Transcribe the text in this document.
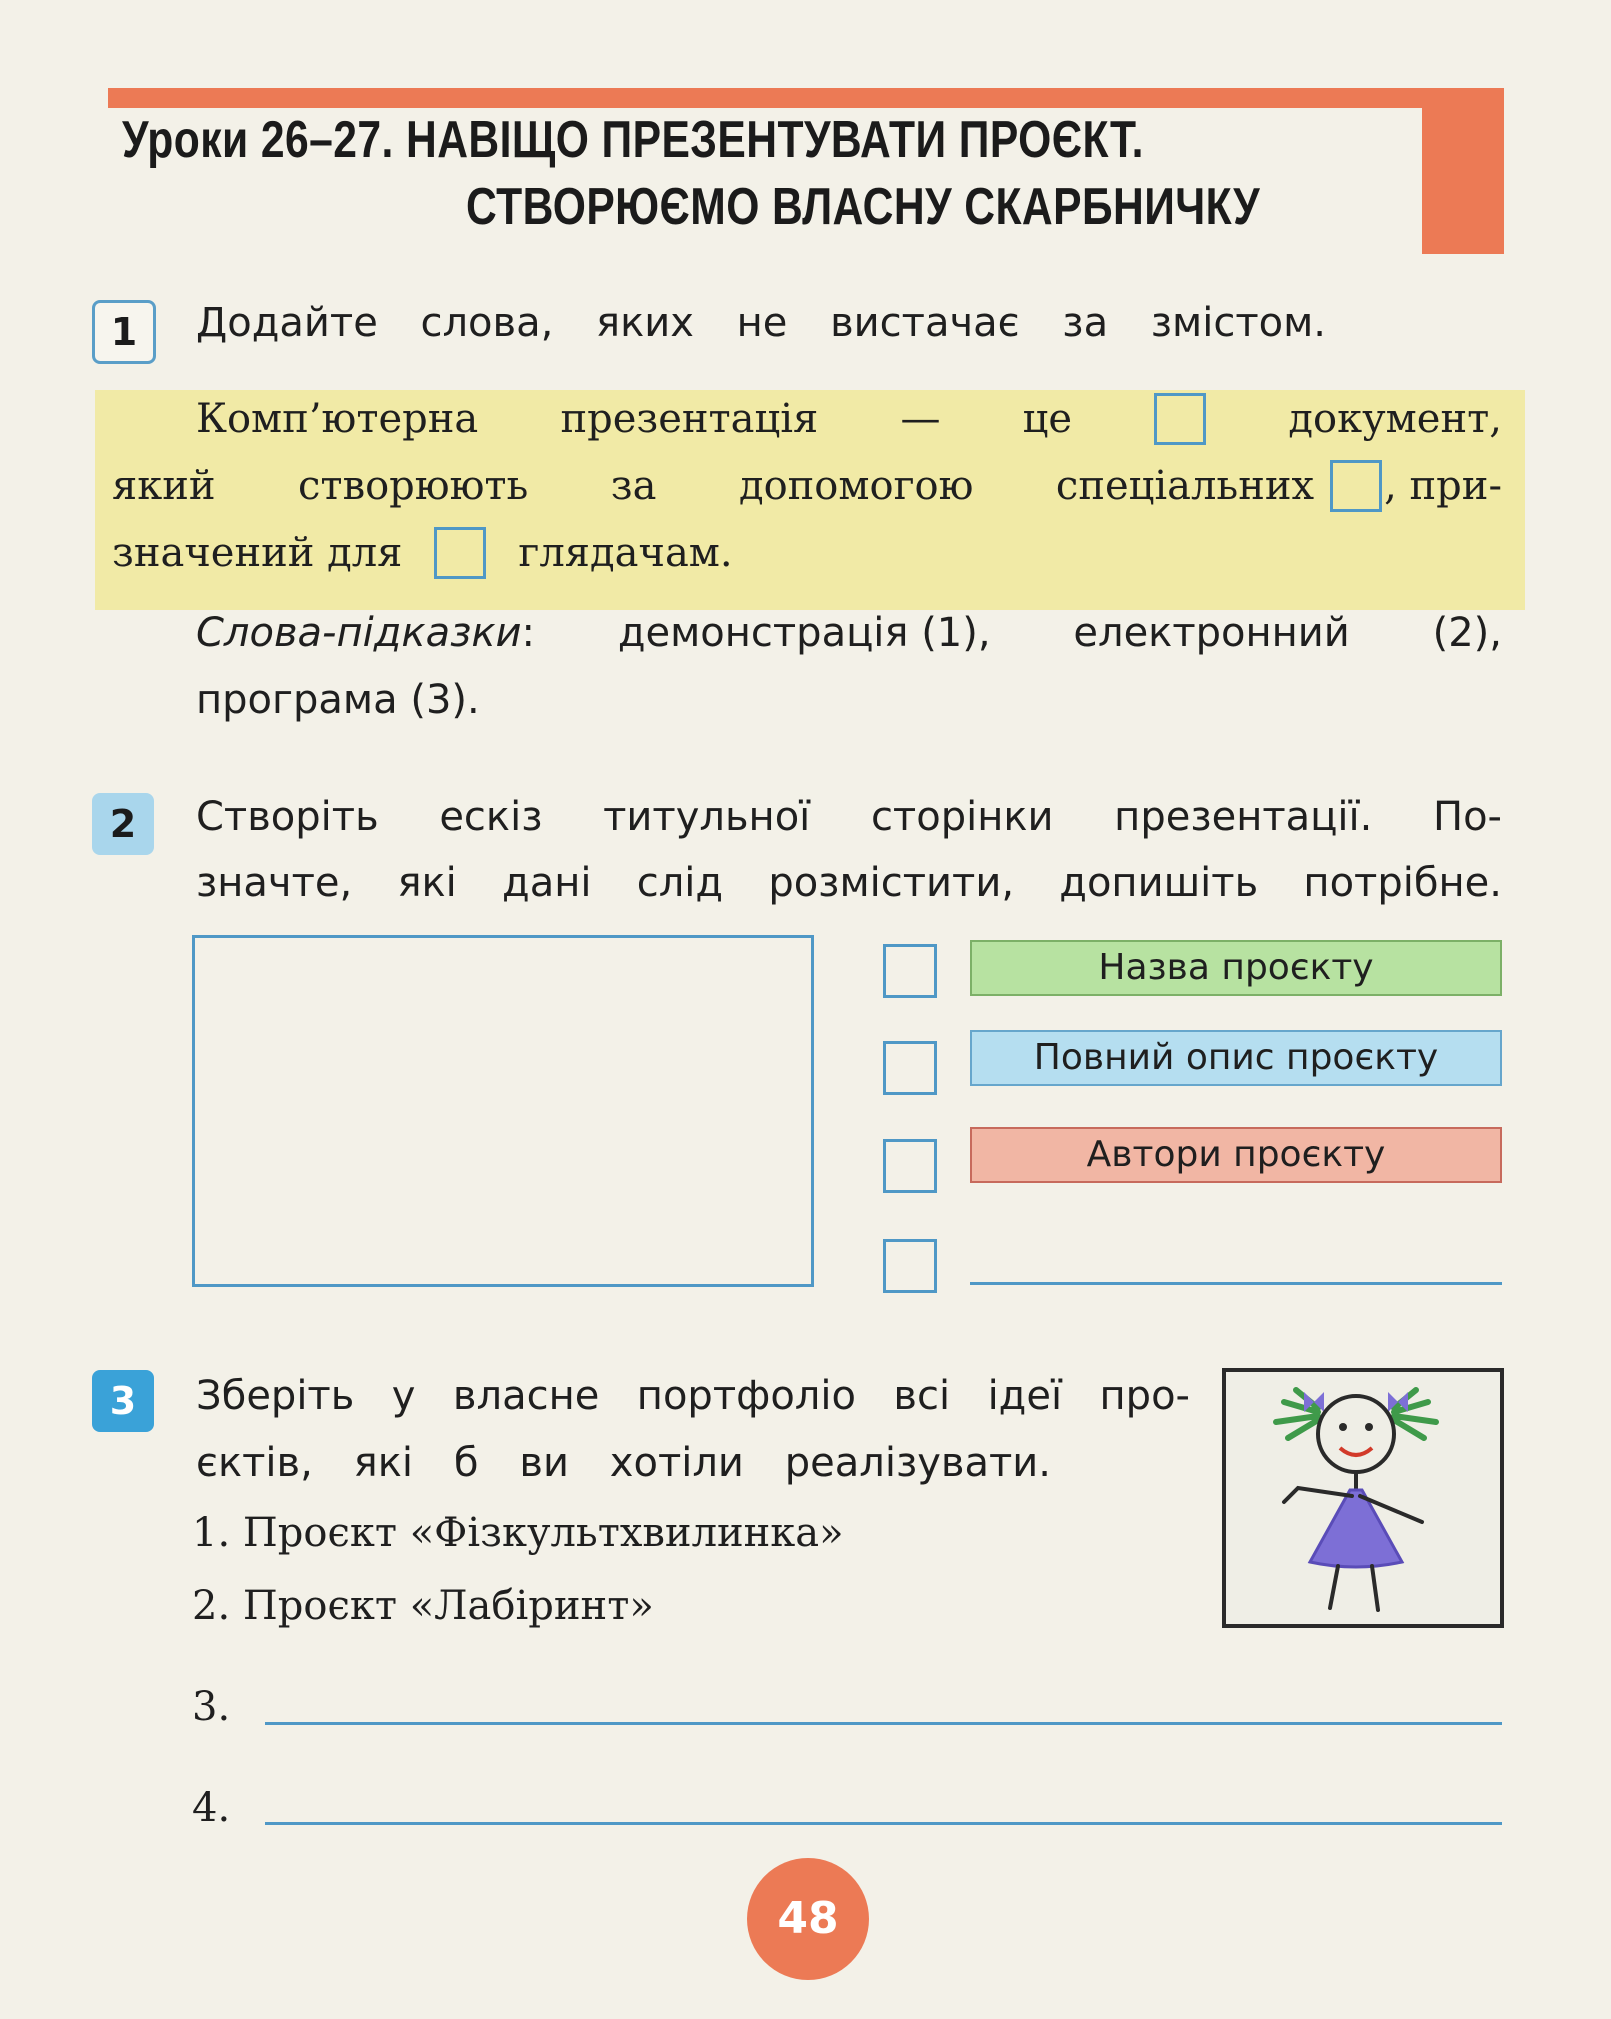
Уроки 26–27. НАВІЩО ПРЕЗЕНТУВАТИ ПРОЄКТ.
СТВОРЮЄМО ВЛАСНУ СКАРБНИЧКУ
1	Додайте слова, яких не вистачає за змістом.
Комп’ютерна презентація — це	документ,
який створюють за допомогою спеціальних , при-
значений для	глядачам.
Слова-підказки: демонстрація (1), електронний (2),
програма (3).
2	Створіть ескіз титульної сторінки презентації. По-
значте, які дані слід розмістити, допишіть потрібне.
Назва проєкту
Повний опис проєкту
Автори проєкту
3	Зберіть у власне портфоліо всі ідеї про-
єктів, які б ви хотіли реалізувати.
1. Проєкт «Фізкультхвилинка»
2. Проєкт «Лабіринт»
3.
4.
48
